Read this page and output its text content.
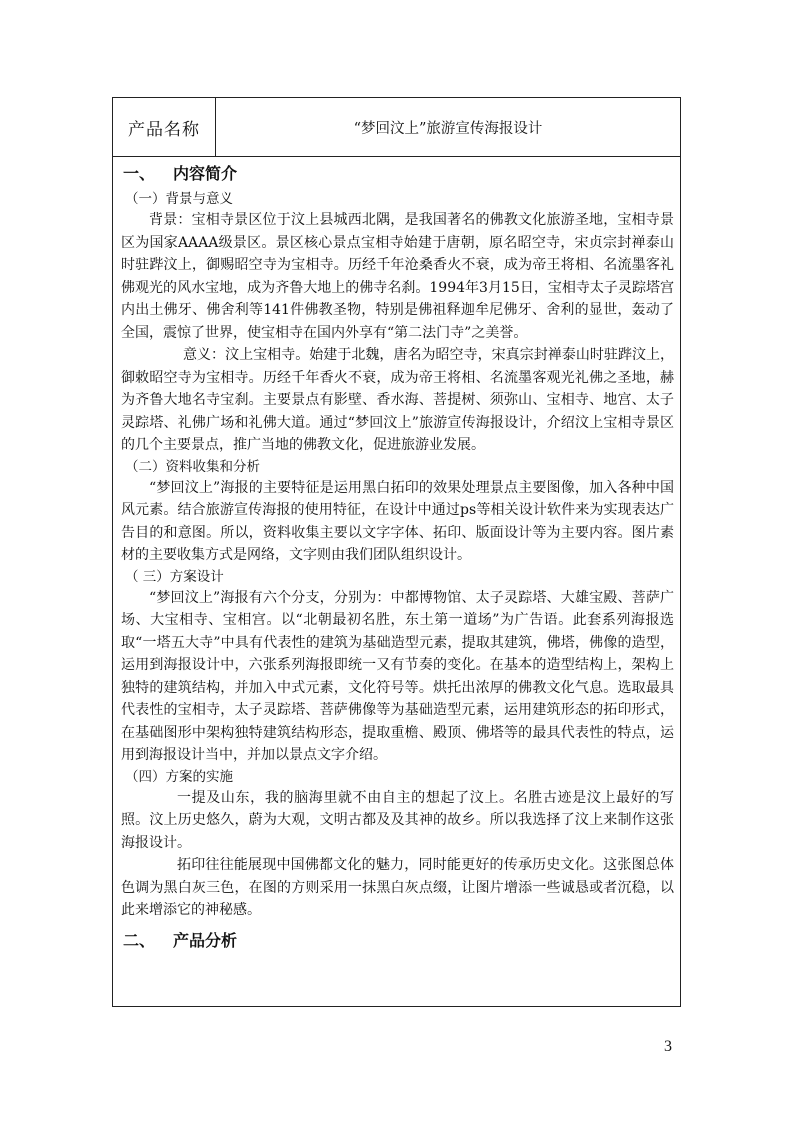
产品名称	“梦回汶上”旅游宣传海报设计
一、 内容简介
（一）背景与意义

背景：宝相寺景区位于汶上县城西北隅，是我国著名的佛教文化旅游圣地，宝相寺景区为国家AAAA级景区。景区核心景点宝相寺始建于唐朝，原名昭空寺，宋贞宗封禅泰山时驻跸汶上，御赐昭空寺为宝相寺。历经千年沧桑香火不衰，成为帝王将相、名流墨客礼佛观光的风水宝地，成为齐鲁大地上的佛寺名刹。1994年3月15日，宝相寺太子灵踪塔宫内出土佛牙、佛舍利等141件佛教圣物，特别是佛祖释迦牟尼佛牙、舍利的显世，轰动了全国，震惊了世界，使宝相寺在国内外享有“第二法门寺”之美誉。

意义：汶上宝相寺。始建于北魏，唐名为昭空寺，宋真宗封禅泰山时驻跸汶上，御敕昭空寺为宝相寺。历经千年香火不衰，成为帝王将相、名流墨客观光礼佛之圣地，赫为齐鲁大地名寺宝刹。主要景点有影壁、香水海、菩提树、须弥山、宝相寺、地宫、太子灵踪塔、礼佛广场和礼佛大道。通过“梦回汶上”旅游宣传海报设计，介绍汶上宝相寺景区的几个主要景点，推广当地的佛教文化，促进旅游业发展。

（二）资料收集和分析

“梦回汶上”海报的主要特征是运用黑白拓印的效果处理景点主要图像，加入各种中国风元素。结合旅游宣传海报的使用特征，在设计中通过ps等相关设计软件来为实现表达广告目的和意图。所以，资料收集主要以文字字体、拓印、版面设计等为主要内容。图片素材的主要收集方式是网络，文字则由我们团队组织设计。

（ 三）方案设计

“梦回汶上”海报有六个分支，分别为：中都博物馆、太子灵踪塔、大雄宝殿、菩萨广场、大宝相寺、宝相宫。以“北朝最初名胜，东土第一道场”为广告语。此套系列海报选取“一塔五大寺”中具有代表性的建筑为基础造型元素，提取其建筑，佛塔，佛像的造型，运用到海报设计中，六张系列海报即统一又有节奏的变化。在基本的造型结构上，架构上独特的建筑结构，并加入中式元素，文化符号等。烘托出浓厚的佛教文化气息。选取最具代表性的宝相寺，太子灵踪塔、菩萨佛像等为基础造型元素，运用建筑形态的拓印形式，在基础图形中架构独特建筑结构形态，提取重檐、殿顶、佛塔等的最具代表性的特点，运用到海报设计当中，并加以景点文字介绍。

（四）方案的实施

一提及山东，我的脑海里就不由自主的想起了汶上。名胜古迹是汶上最好的写照。汶上历史悠久，蔚为大观，文明古都及及其神的故乡。所以我选择了汶上来制作这张海报设计。

拓印往往能展现中国佛都文化的魅力，同时能更好的传承历史文化。这张图总体色调为黑白灰三色，在图的方则采用一抹黑白灰点缀，让图片增添一些诚恳或者沉稳，以此来增添它的神秘感。

二、 产品分析
3
